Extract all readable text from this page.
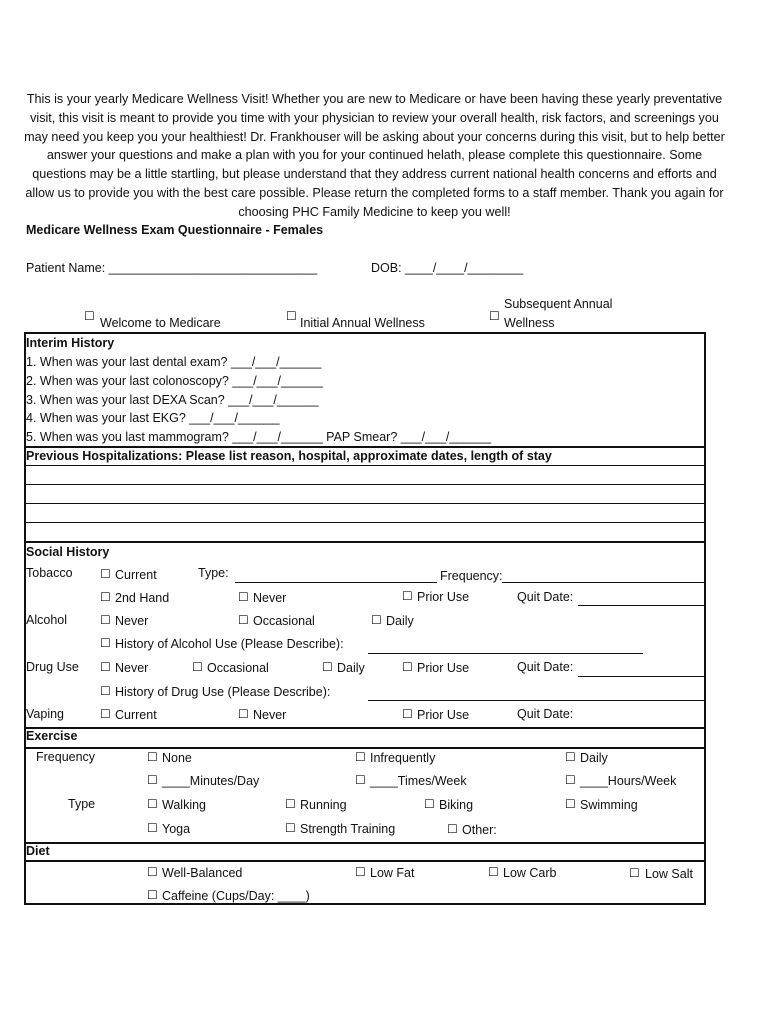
This is your yearly Medicare Wellness Visit! Whether you are new to Medicare or have been having these yearly preventative visit, this visit is meant to provide you time with your physician to review your overall health, risk factors, and screenings you may need you keep you your healthiest! Dr. Frankhouser will be asking about your concerns during this visit, but to help better answer your questions and make a plan with you for your continued helath, please complete this questionnaire. Some questions may be a little startling, but please understand that they address current national health concerns and efforts and allow us to provide you with the best care possible. Please return the completed forms to a staff member. Thank you again for choosing PHC Family Medicine to keep you well!
Medicare Wellness Exam Questionnaire - Females
Patient Name: ______________________________	DOB: ____/____/________
☐ Welcome to Medicare	☐ Initial Annual Wellness	☐
Subsequent Annual
Wellness
Interim History
1. When was your last dental exam? ___/___/______
2. When was your last colonoscopy? ___/___/______
3. When was your last DEXA Scan? ___/___/______
4. When was your last EKG? ___/___/______
5. When was you last mammogram? ___/___/______ PAP Smear? ___/___/______
Previous Hospitalizations: Please list reason, hospital, approximate dates, length of stay
Social History
Tobacco ☐ Current	Type:	Frequency:
☐ 2nd Hand	☐ Never	☐ Prior Use	Quit Date:
Alcohol	☐ Never	☐ Occasional	☐ Daily
☐ History of Alcohol Use (Please Describe):
Drug Use ☐ Never	☐ Occasional	☐ Daily	☐ Prior Use	Quit Date:
☐ History of Drug Use (Please Describe):
Vaping	☐ Current	☐ Never	☐ Prior Use	Quit Date:
Exercise
Frequency	☐ None	☐ Infrequently	☐ Daily
☐ ____Minutes/Day	☐ ____Times/Week	☐ ____Hours/Week
Type	☐ Walking	☐ Running	☐ Biking	☐ Swimming
☐ Yoga	☐ Strength Training	☐ Other:
Diet
☐ Well-Balanced	☐ Low Fat	☐ Low Carb	☐ Low Salt
☐ Caffeine (Cups/Day: ____)
